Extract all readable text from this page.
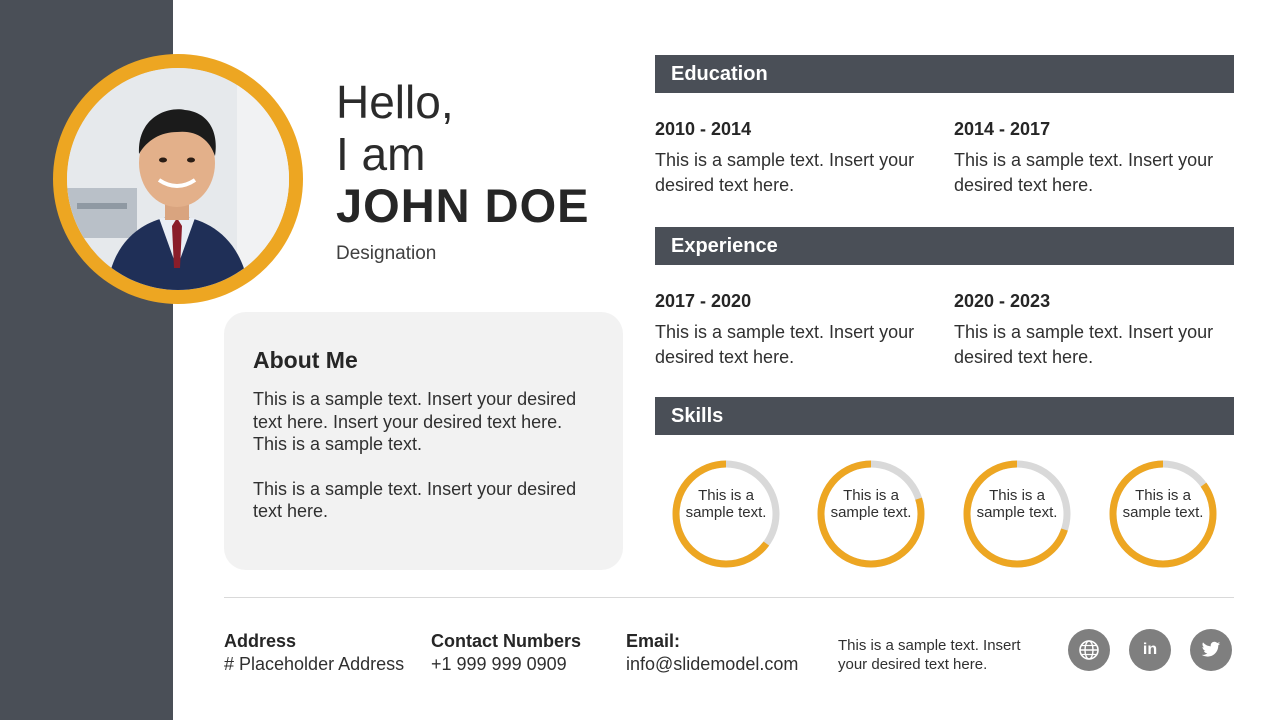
Hello,
I am
JOHN DOE
Designation
About Me

This is a sample text. Insert your desired text here. Insert your desired text here. This is a sample text.

This is a sample text. Insert your desired text here.

Education
2010 - 2014
This is a sample text. Insert your desired text here.
2014 - 2017
This is a sample text. Insert your desired text here.
Experience
2017 - 2020
This is a sample text. Insert your desired text here.
2020 - 2023
This is a sample text. Insert your desired text here.
Skills
This is a sample text.
This is a sample text.
This is a sample text.
This is a sample text.
Address
# Placeholder Address
Contact Numbers
+1 999 999 0909
Email:
info@slidemodel.com
This is a sample text. Insert your desired text here.
in
